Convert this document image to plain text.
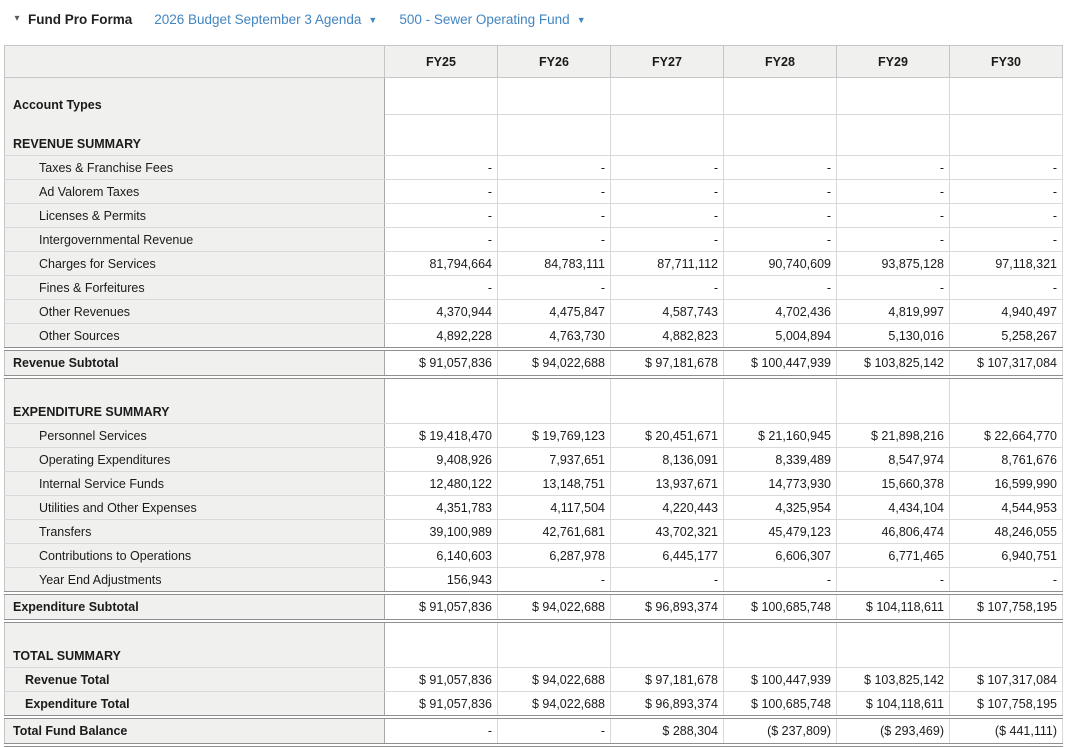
▾ Fund Pro Forma 2026 Budget September 3 Agenda ▼ 500 - Sewer Operating Fund ▼
	FY25	FY26	FY27	FY28	FY29	FY30
Account Types						
REVENUE SUMMARY						
Taxes & Franchise Fees	-	-	-	-	-	-
Ad Valorem Taxes	-	-	-	-	-	-
Licenses & Permits	-	-	-	-	-	-
Intergovernmental Revenue	-	-	-	-	-	-
Charges for Services	81,794,664	84,783,111	87,711,112	90,740,609	93,875,128	97,118,321
Fines & Forfeitures	-	-	-	-	-	-
Other Revenues	4,370,944	4,475,847	4,587,743	4,702,436	4,819,997	4,940,497
Other Sources	4,892,228	4,763,730	4,882,823	5,004,894	5,130,016	5,258,267
Revenue Subtotal	$ 91,057,836	$ 94,022,688	$ 97,181,678	$ 100,447,939	$ 103,825,142	$ 107,317,084
EXPENDITURE SUMMARY						
Personnel Services	$ 19,418,470	$ 19,769,123	$ 20,451,671	$ 21,160,945	$ 21,898,216	$ 22,664,770
Operating Expenditures	9,408,926	7,937,651	8,136,091	8,339,489	8,547,974	8,761,676
Internal Service Funds	12,480,122	13,148,751	13,937,671	14,773,930	15,660,378	16,599,990
Utilities and Other Expenses	4,351,783	4,117,504	4,220,443	4,325,954	4,434,104	4,544,953
Transfers	39,100,989	42,761,681	43,702,321	45,479,123	46,806,474	48,246,055
Contributions to Operations	6,140,603	6,287,978	6,445,177	6,606,307	6,771,465	6,940,751
Year End Adjustments	156,943	-	-	-	-	-
Expenditure Subtotal	$ 91,057,836	$ 94,022,688	$ 96,893,374	$ 100,685,748	$ 104,118,611	$ 107,758,195
TOTAL SUMMARY						
Revenue Total	$ 91,057,836	$ 94,022,688	$ 97,181,678	$ 100,447,939	$ 103,825,142	$ 107,317,084
Expenditure Total	$ 91,057,836	$ 94,022,688	$ 96,893,374	$ 100,685,748	$ 104,118,611	$ 107,758,195
Total Fund Balance	-	-	$ 288,304	($ 237,809)	($ 293,469)	($ 441,111)
